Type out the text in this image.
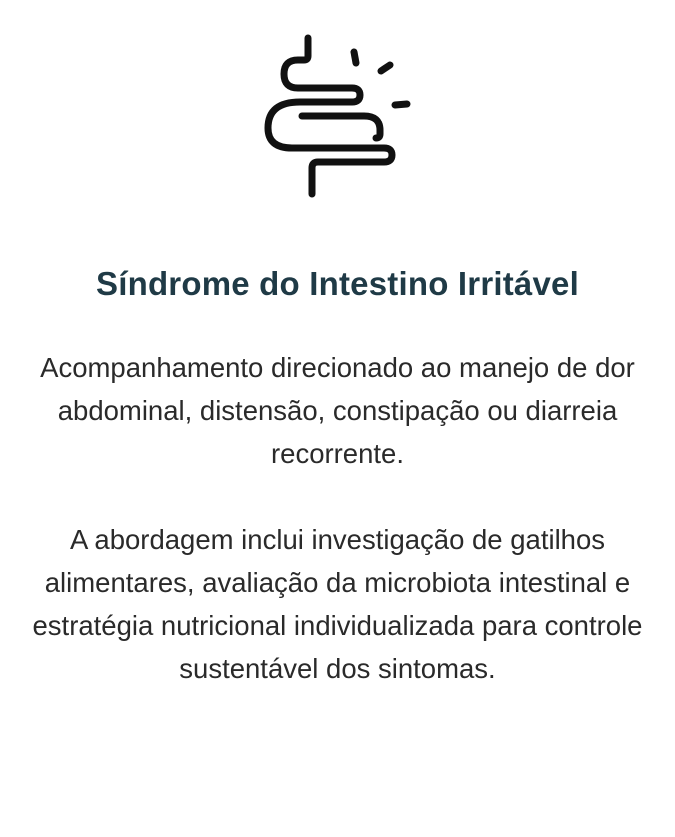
Síndrome do Intestino Irritável

Acompanhamento direcionado ao manejo de dor abdominal, distensão, constipação ou diarreia recorrente.

A abordagem inclui investigação de gatilhos alimentares, avaliação da microbiota intestinal e estratégia nutricional individualizada para controle sustentável dos sintomas.
